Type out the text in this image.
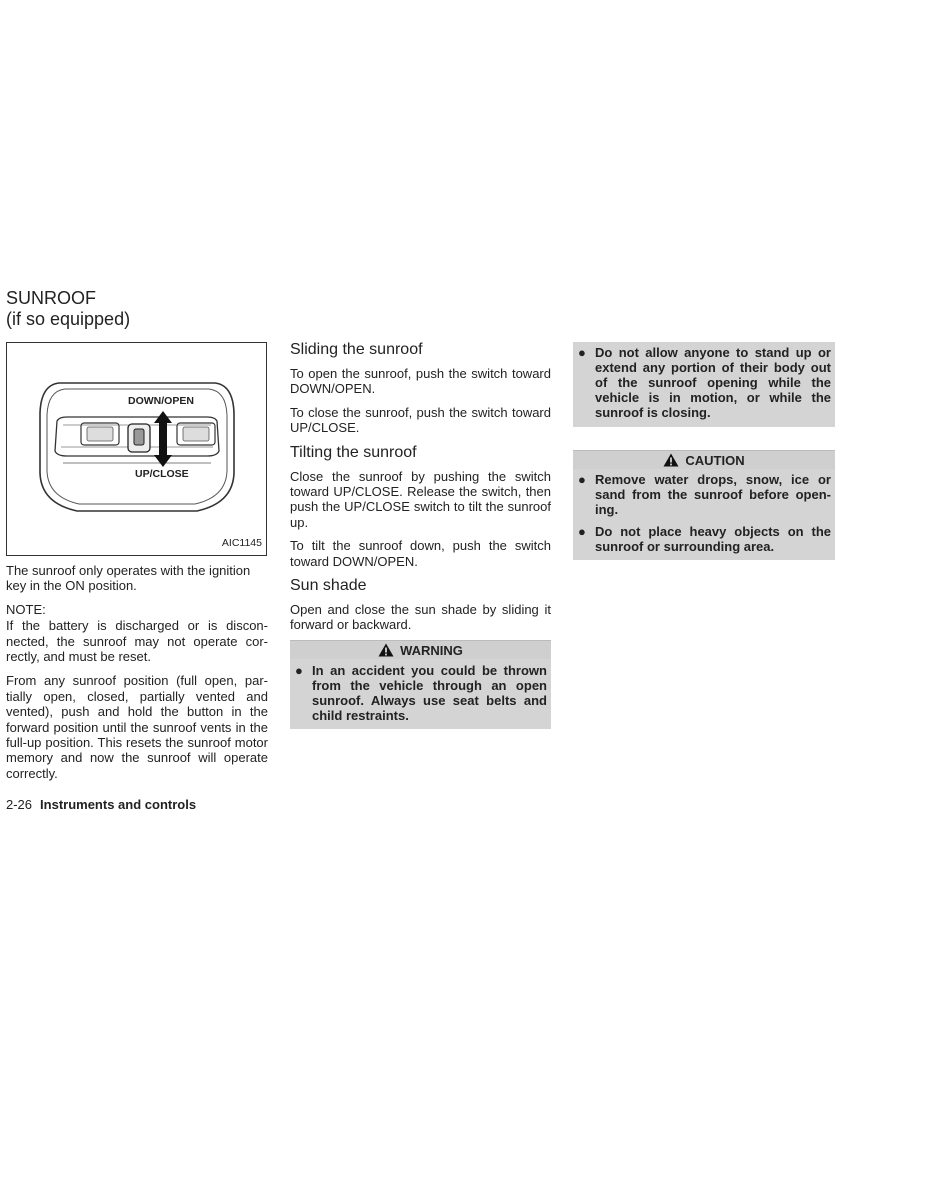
SUNROOF
(if so equipped)
DOWN/OPEN
UP/CLOSE
AIC1145

The sunroof only operates with the ignition key in the ON position.

NOTE:

If the battery is discharged or is discon-nected, the sunroof may not operate cor-rectly, and must be reset.

From any sunroof position (full open, par-tially open, closed, partially vented and vented), push and hold the button in the forward position until the sunroof vents in the full-up position. This resets the sunroof motor memory and now the sunroof will operate correctly.

Sliding the sunroof

To open the sunroof, push the switch toward DOWN/OPEN.

To close the sunroof, push the switch toward UP/CLOSE.

Tilting the sunroof

Close the sunroof by pushing the switch toward UP/CLOSE. Release the switch, then push the UP/CLOSE switch to tilt the sunroof up.

To tilt the sunroof down, push the switch toward DOWN/OPEN.

Sun shade

Open and close the sun shade by sliding it forward or backward.

WARNING
● In an accident you could be thrown from the vehicle through an open sunroof. Always use seat belts and child restraints.
● Do not allow anyone to stand up or extend any portion of their body out of the sunroof opening while the vehicle is in motion, or while the sunroof is closing.
CAUTION
● Remove water drops, snow, ice or sand from the sunroof before open-ing.
● Do not place heavy objects on the sunroof or surrounding area.
2-26 Instruments and controls
